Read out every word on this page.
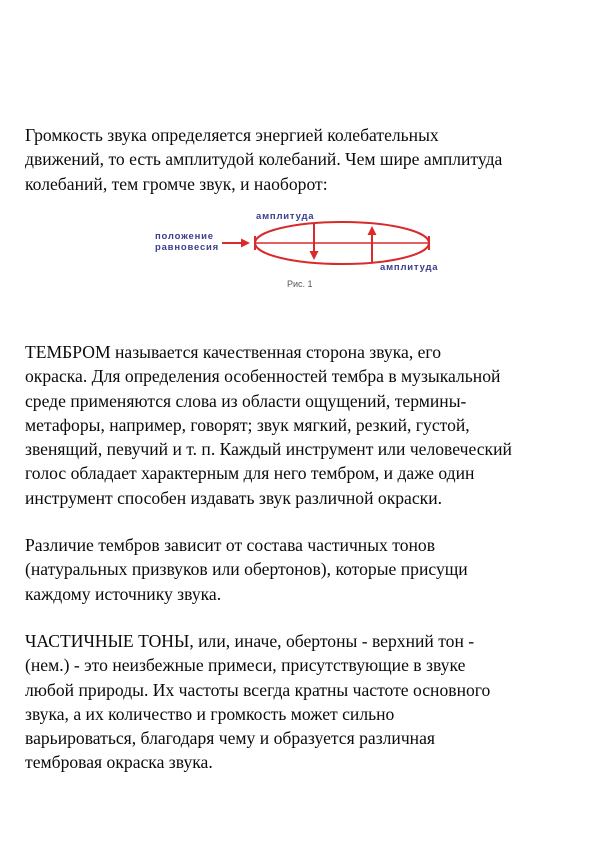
Громкость звука определяется энергией колебательных
движений, то есть амплитудой колебаний. Чем шире амплитуда
колебаний, тем громче звук, и наоборот:

положение
равновесия
амплитуда
амплитуда
Рис. 1

ТЕМБРОМ называется качественная сторона звука, его
окраска. Для определения особенностей тембра в музыкальной
среде применяются слова из области ощущений, термины-
метафоры, например, говорят; звук мягкий, резкий, густой,
звенящий, певучий и т. п. Каждый инструмент или человеческий
голос обладает характерным для него тембром, и даже один
инструмент способен издавать звук различной окраски.

Различие тембров зависит от состава частичных тонов
(натуральных призвуков или обертонов), которые присущи
каждому источнику звука.

ЧАСТИЧНЫЕ ТОНЫ, или, иначе, обертоны - верхний тон -
(нем.) - это неизбежные примеси, присутствующие в звуке
любой природы. Их частоты всегда кратны частоте основного
звука, а их количество и громкость может сильно
варьироваться, благодаря чему и образуется различная
тембровая окраска звука.
